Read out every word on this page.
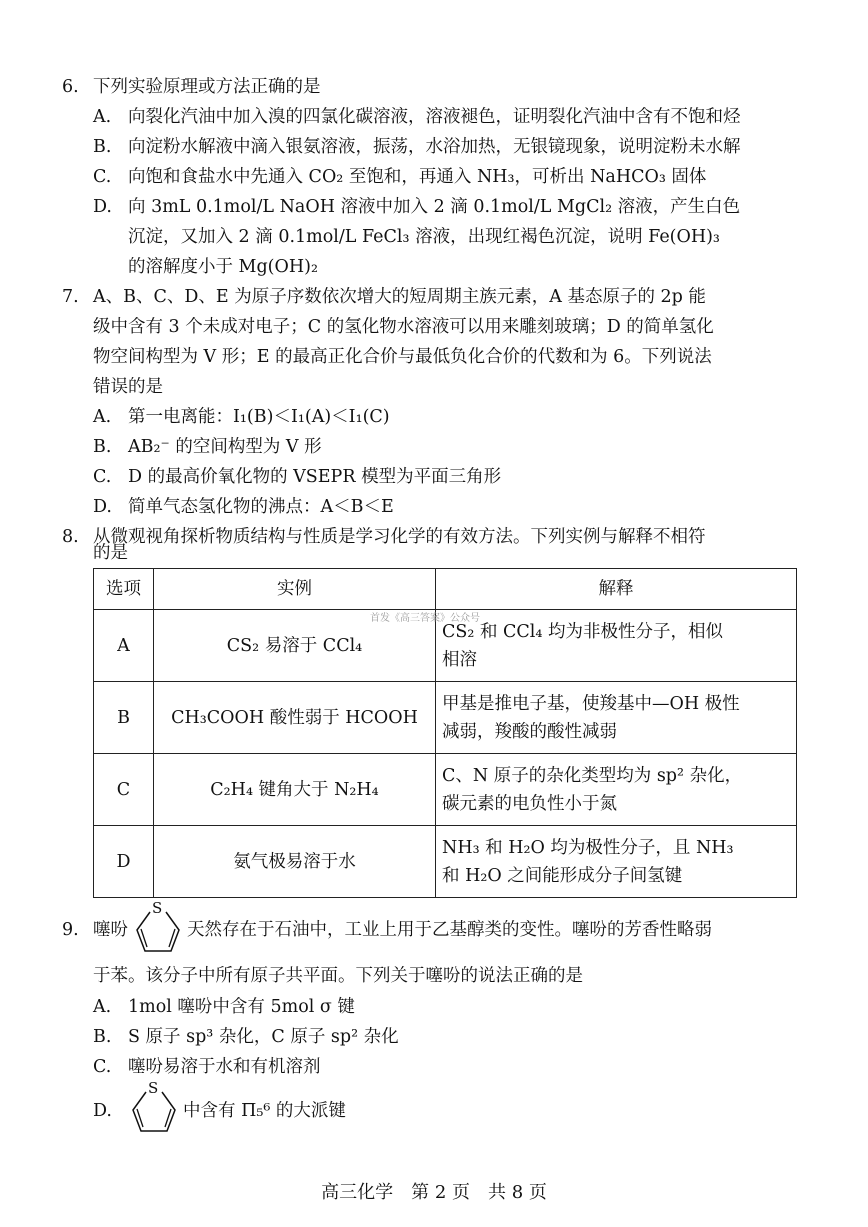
6. 下列实验原理或方法正确的是
A. 向裂化汽油中加入溴的四氯化碳溶液，溶液褪色，证明裂化汽油中含有不饱和烃
B. 向淀粉水解液中滴入银氨溶液，振荡，水浴加热，无银镜现象，说明淀粉未水解
C. 向饱和食盐水中先通入 CO₂ 至饱和，再通入 NH₃，可析出 NaHCO₃ 固体
D. 向 3mL 0.1mol/L NaOH 溶液中加入 2 滴 0.1mol/L MgCl₂ 溶液，产生白色
沉淀，又加入 2 滴 0.1mol/L FeCl₃ 溶液，出现红褐色沉淀，说明 Fe(OH)₃
的溶解度小于 Mg(OH)₂
7. A、B、C、D、E 为原子序数依次增大的短周期主族元素，A 基态原子的 2p 能
级中含有 3 个未成对电子；C 的氢化物水溶液可以用来雕刻玻璃；D 的简单氢化
物空间构型为 V 形；E 的最高正化合价与最低负化合价的代数和为 6。下列说法
错误的是
A. 第一电离能：I₁(B)＜I₁(A)＜I₁(C)
B. AB₂⁻ 的空间构型为 V 形
C. D 的最高价氧化物的 VSEPR 模型为平面三角形
D. 简单气态氢化物的沸点：A＜B＜E
8. 从微观视角探析物质结构与性质是学习化学的有效方法。下列实例与解释不相符
的是
选项	实例	解释
A	CS₂ 易溶于 CCl₄	CS₂ 和 CCl₄ 均为非极性分子，相似
相溶

B	CH₃COOH 酸性弱于 HCOOH	甲基是推电子基，使羧基中—OH 极性
减弱，羧酸的酸性减弱

C	C₂H₄ 键角大于 N₂H₄	C、N 原子的杂化类型均为 sp² 杂化，
碳元素的电负性小于氮

D	氨气极易溶于水	NH₃ 和 H₂O 均为极性分子，且 NH₃
和 H₂O 之间能形成分子间氢键
首发《高三答案》公众号
9. 噻吩
S
天然存在于石油中，工业上用于乙基醇类的变性。噻吩的芳香性略弱
于苯。该分子中所有原子共平面。下列关于噻吩的说法正确的是
A. 1mol 噻吩中含有 5mol σ 键
B. S 原子 sp³ 杂化，C 原子 sp² 杂化
C. 噻吩易溶于水和有机溶剂
D.
S
中含有 Π₅⁶ 的大派键
高三化学　第 2 页　共 8 页
